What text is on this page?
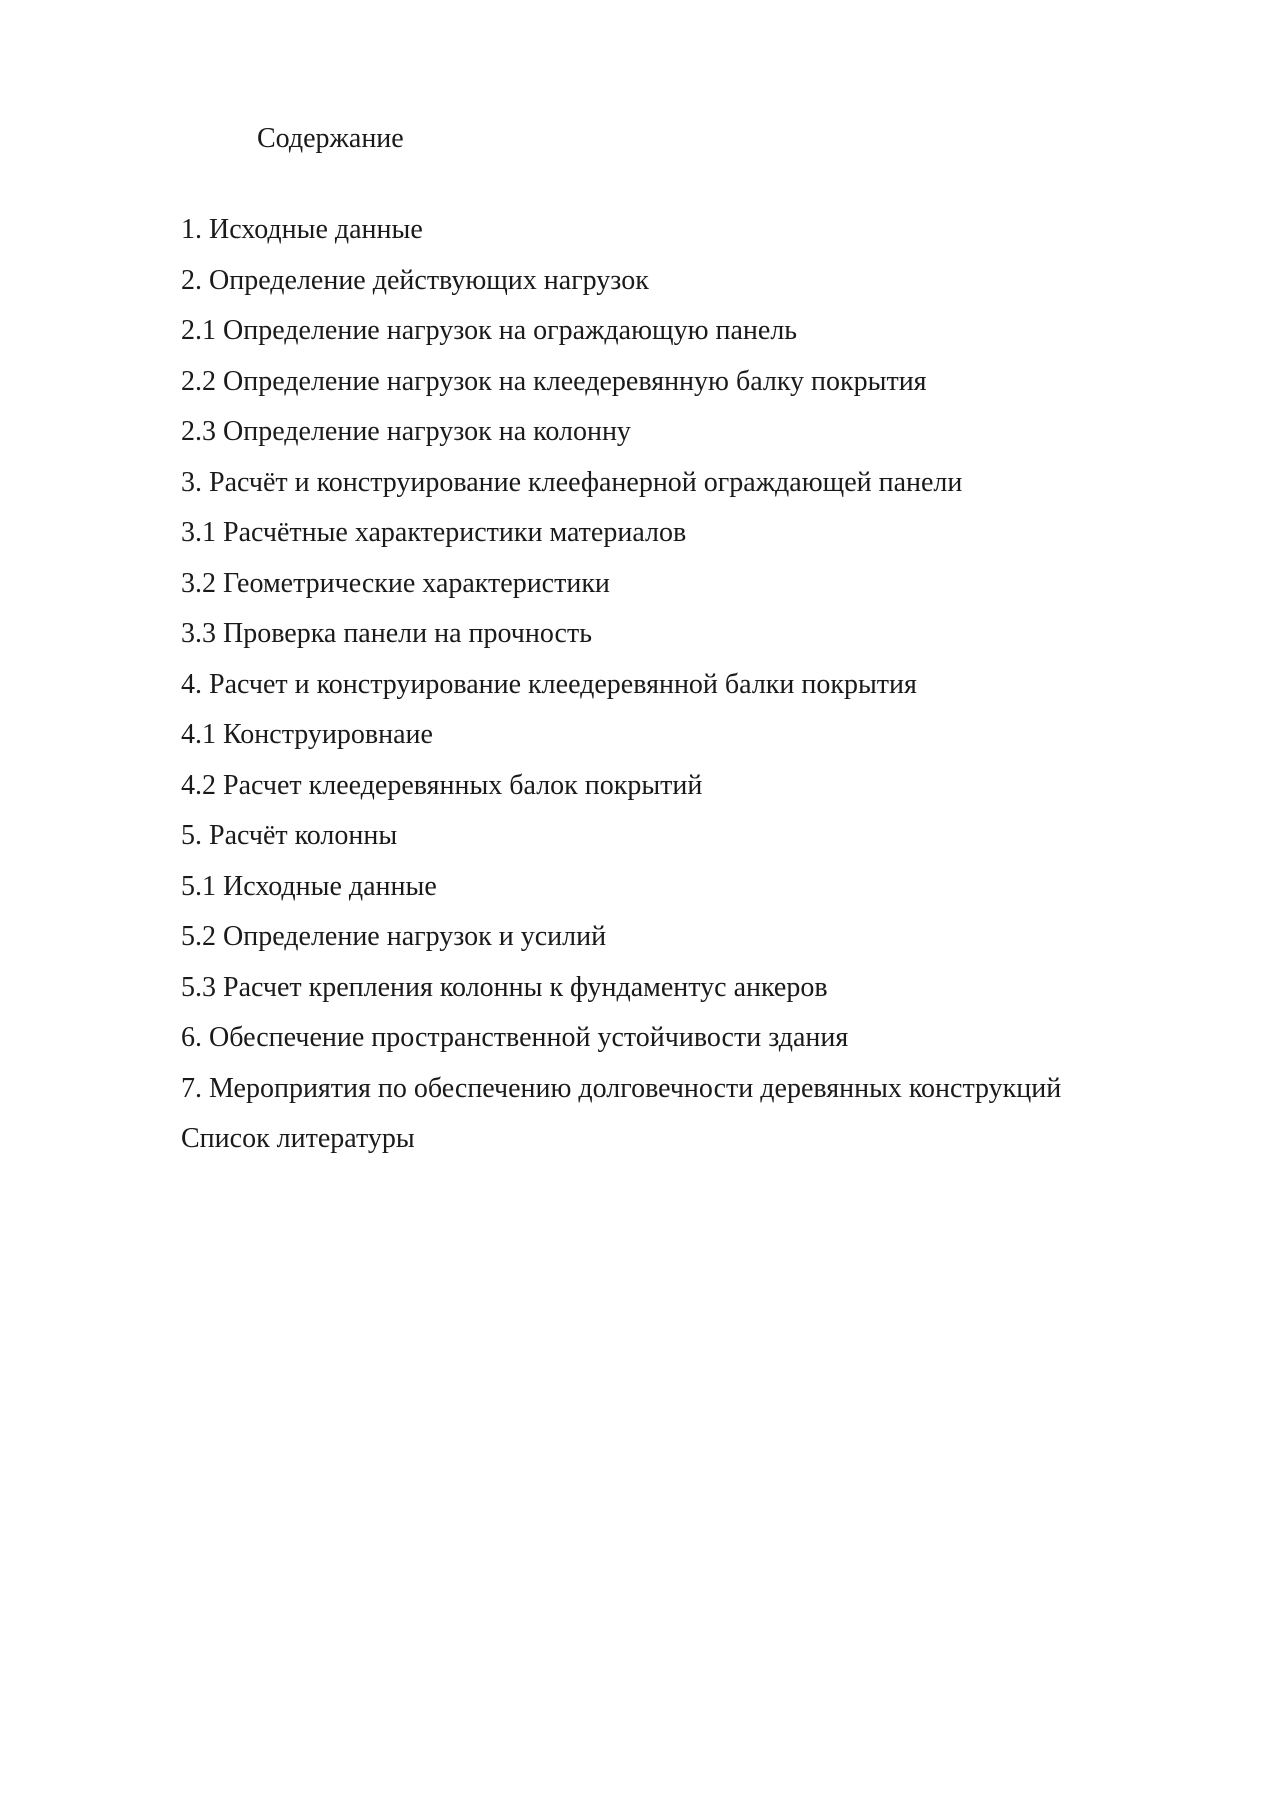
Содержание
1. Исходные данные
2. Определение действующих нагрузок
2.1 Определение нагрузок на ограждающую панель
2.2 Определение нагрузок на клеедеревянную балку покрытия
2.3 Определение нагрузок на колонну
3. Расчёт и конструирование клеефанерной ограждающей панели
3.1 Расчётные характеристики материалов
3.2 Геометрические характеристики
3.3 Проверка панели на прочность
4. Расчет и конструирование клеедеревянной балки покрытия
4.1 Конструировнаие
4.2 Расчет клеедеревянных балок покрытий
5. Расчёт колонны
5.1 Исходные данные
5.2 Определение нагрузок и усилий
5.3 Расчет крепления колонны к фундаментус анкеров
6. Обеспечение пространственной устойчивости здания
7. Мероприятия по обеспечению долговечности деревянных конструкций
Список литературы
